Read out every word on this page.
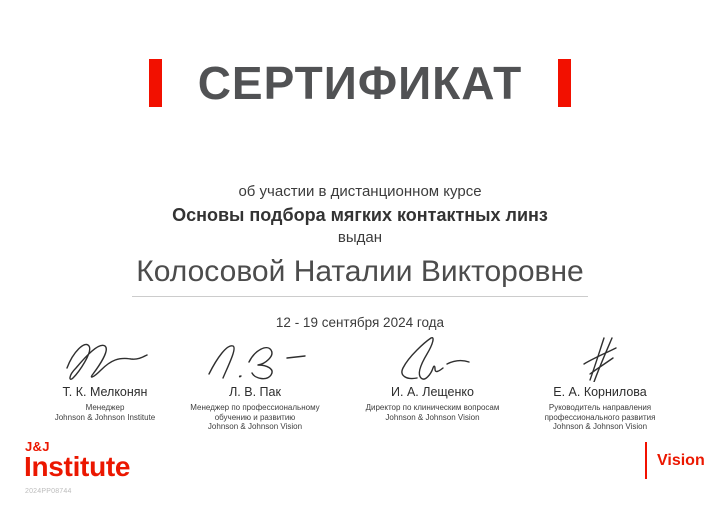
СЕРТИФИКАТ
об участии в дистанционном курсе
Основы подбора мягких контактных линз
выдан
Колосовой Наталии Викторовне
12 - 19 сентября 2024 года
Т. К. Мелконян
Менеджер
Johnson & Johnson Institute
Л. В. Пак
Менеджер по профессиональному
обучению и развитию
Johnson & Johnson Vision
И. А. Лещенко
Директор по клиническим вопросам
Johnson & Johnson Vision
Е. А. Корнилова
Руководитель направления
профессионального развития
Johnson & Johnson Vision
J&J
Institute
2024PP08744
Vision
